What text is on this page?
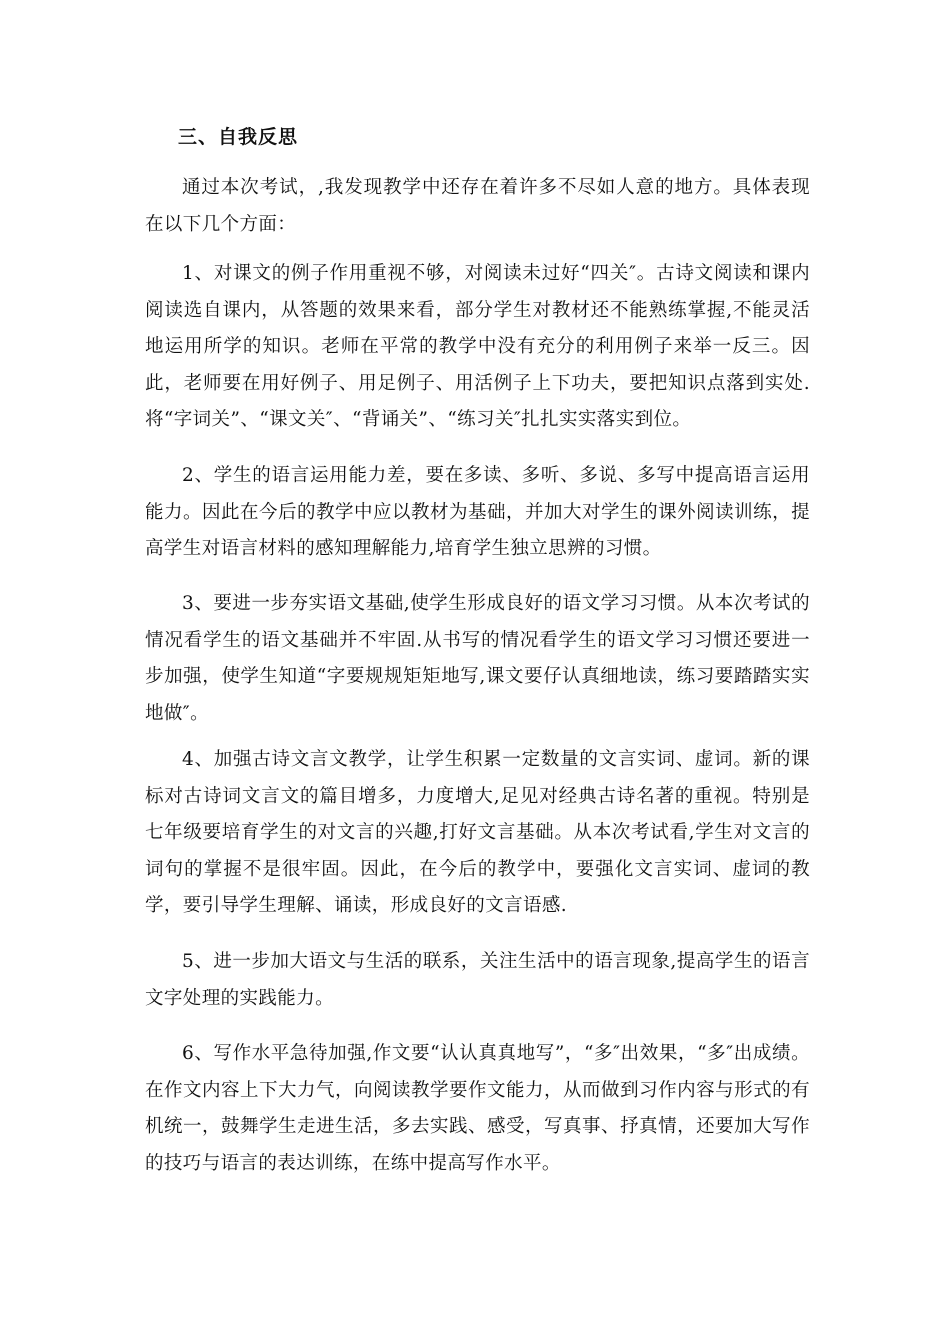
三、自我反思

通过本次考试，,我发现教学中还存在着许多不尽如人意的地方。具体表现在以下几个方面：

1、对课文的例子作用重视不够，对阅读未过好“四关″。古诗文阅读和课内阅读选自课内，从答题的效果来看，部分学生对教材还不能熟练掌握,不能灵活地运用所学的知识。老师在平常的教学中没有充分的利用例子来举一反三。因此，老师要在用好例子、用足例子、用活例子上下功夫，要把知识点落到实处.将“字词关”、“课文关″、“背诵关”、“练习关″扎扎实实落实到位。

2、学生的语言运用能力差，要在多读、多听、多说、多写中提高语言运用能力。因此在今后的教学中应以教材为基础，并加大对学生的课外阅读训练，提高学生对语言材料的感知理解能力,培育学生独立思辨的习惯。

3、要进一步夯实语文基础,使学生形成良好的语文学习习惯。从本次考试的情况看学生的语文基础并不牢固.从书写的情况看学生的语文学习习惯还要进一步加强，使学生知道“字要规规矩矩地写,课文要仔认真细地读，练习要踏踏实实地做″。

4、加强古诗文言文教学，让学生积累一定数量的文言实词、虚词。新的课标对古诗词文言文的篇目增多，力度增大,足见对经典古诗名著的重视。特别是七年级要培育学生的对文言的兴趣,打好文言基础。从本次考试看,学生对文言的词句的掌握不是很牢固。因此，在今后的教学中，要强化文言实词、虚词的教学，要引导学生理解、诵读，形成良好的文言语感.

5、进一步加大语文与生活的联系，关注生活中的语言现象,提高学生的语言文字处理的实践能力。

6、写作水平急待加强,作文要“认认真真地写”，“多″出效果，“多″出成绩。在作文内容上下大力气，向阅读教学要作文能力，从而做到习作内容与形式的有机统一，鼓舞学生走进生活，多去实践、感受，写真事、抒真情，还要加大写作的技巧与语言的表达训练，在练中提高写作水平。
